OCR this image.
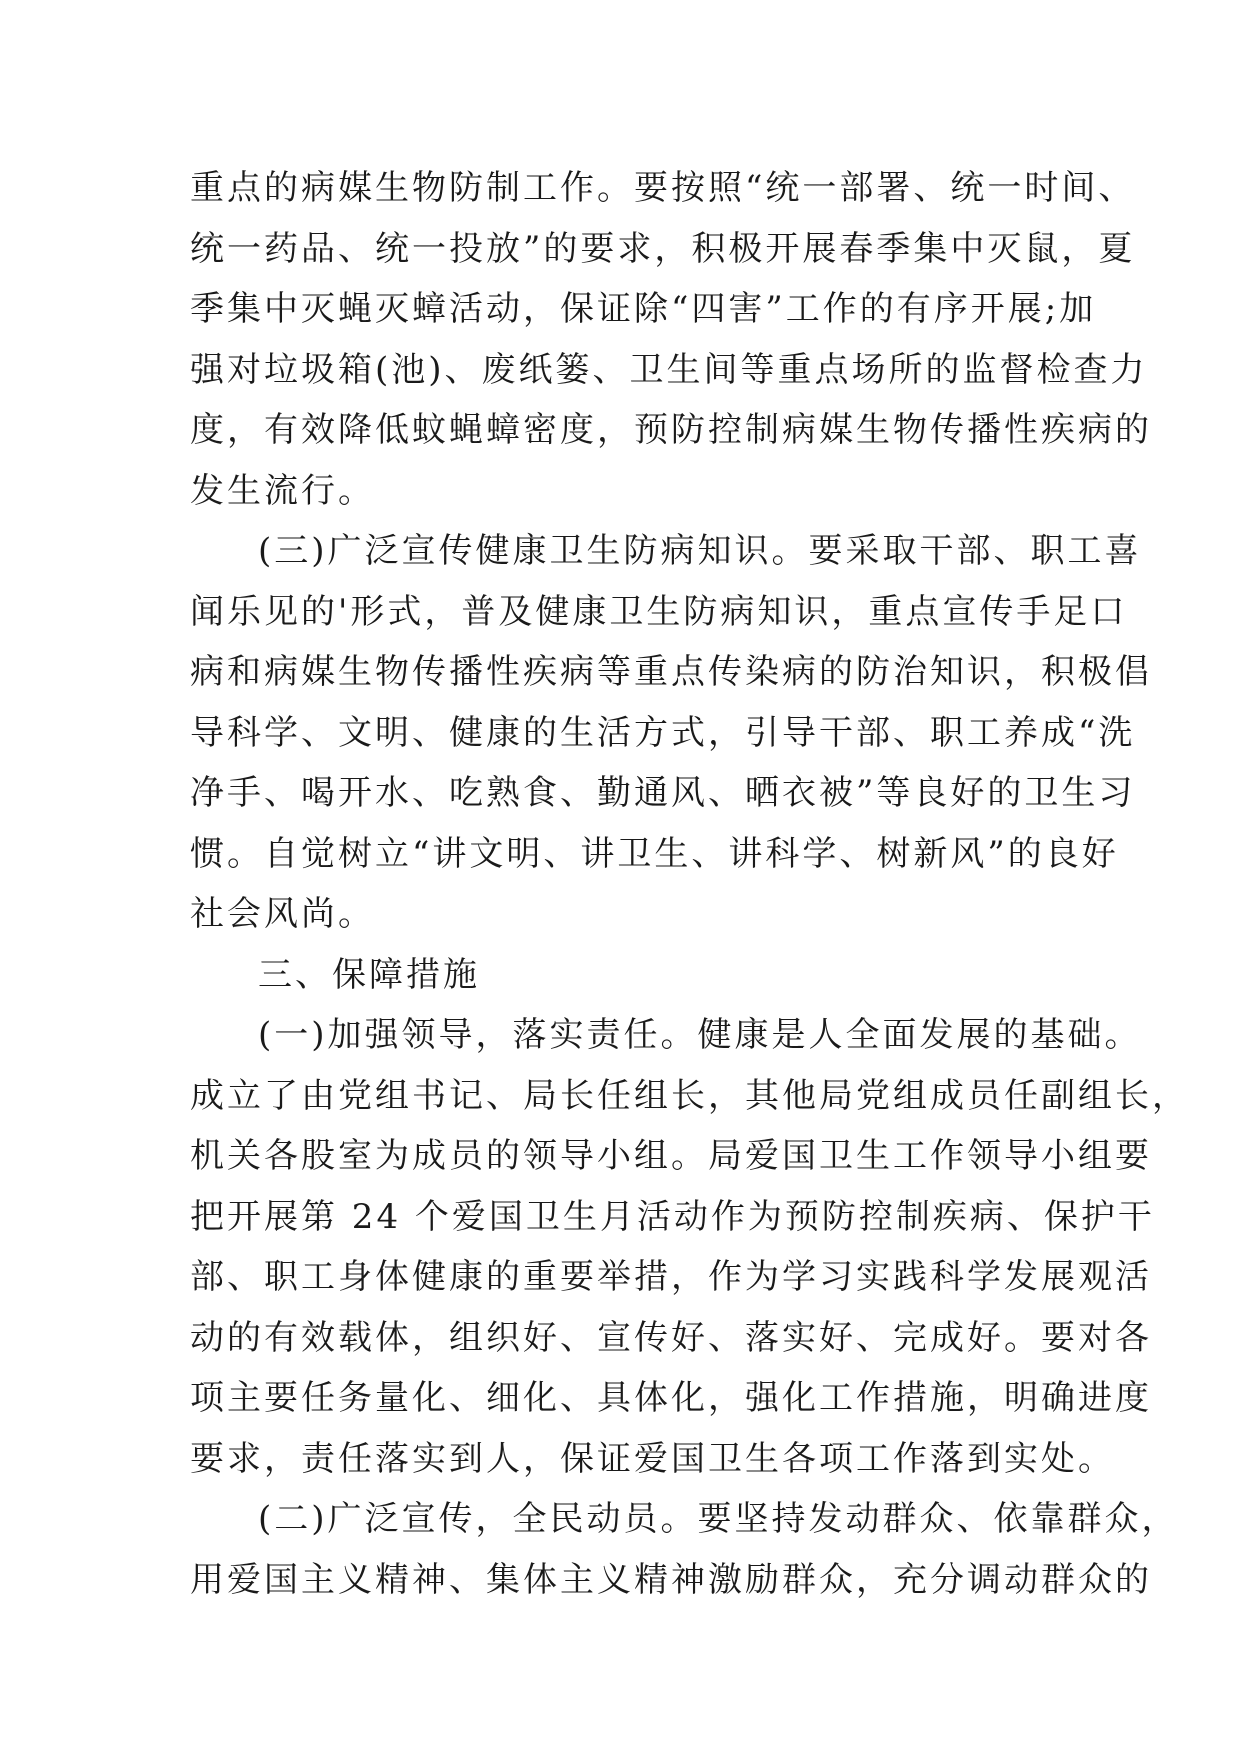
重点的病媒生物防制工作。要按照“统一部署、统一时间、
统一药品、统一投放”的要求，积极开展春季集中灭鼠，夏
季集中灭蝇灭蟑活动，保证除“四害”工作的有序开展;加
强对垃圾箱(池)、废纸篓、卫生间等重点场所的监督检查力
度，有效降低蚊蝇蟑密度，预防控制病媒生物传播性疾病的
发生流行。
(三)广泛宣传健康卫生防病知识。要采取干部、职工喜
闻乐见的'形式，普及健康卫生防病知识，重点宣传手足口
病和病媒生物传播性疾病等重点传染病的防治知识，积极倡
导科学、文明、健康的生活方式，引导干部、职工养成“洗
净手、喝开水、吃熟食、勤通风、晒衣被”等良好的卫生习
惯。自觉树立“讲文明、讲卫生、讲科学、树新风”的良好
社会风尚。
三、保障措施
(一)加强领导，落实责任。健康是人全面发展的基础。
成立了由党组书记、局长任组长，其他局党组成员任副组长，
机关各股室为成员的领导小组。局爱国卫生工作领导小组要
把开展第 24 个爱国卫生月活动作为预防控制疾病、保护干
部、职工身体健康的重要举措，作为学习实践科学发展观活
动的有效载体，组织好、宣传好、落实好、完成好。要对各
项主要任务量化、细化、具体化，强化工作措施，明确进度
要求，责任落实到人，保证爱国卫生各项工作落到实处。
(二)广泛宣传，全民动员。要坚持发动群众、依靠群众，
用爱国主义精神、集体主义精神激励群众，充分调动群众的
